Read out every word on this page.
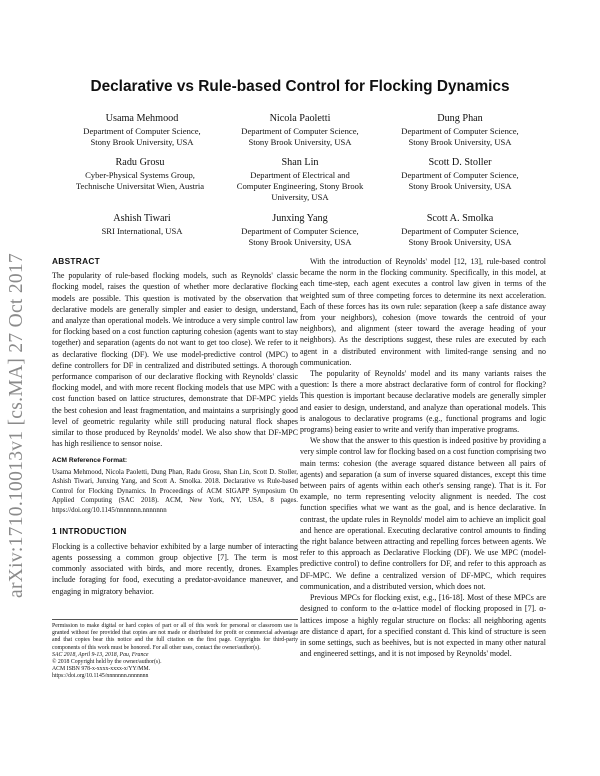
arXiv:1710.10013v1 [cs.MA] 27 Oct 2017
Declarative vs Rule-based Control for Flocking Dynamics
Usama Mehmood
Department of Computer Science,
Stony Brook University, USA
Nicola Paoletti
Department of Computer Science,
Stony Brook University, USA
Dung Phan
Department of Computer Science,
Stony Brook University, USA
Radu Grosu
Cyber-Physical Systems Group,
Technische Universitat Wien, Austria
Shan Lin
Department of Electrical and
Computer Engineering, Stony Brook
University, USA
Scott D. Stoller
Department of Computer Science,
Stony Brook University, USA
Ashish Tiwari
SRI International, USA
Junxing Yang
Department of Computer Science,
Stony Brook University, USA
Scott A. Smolka
Department of Computer Science,
Stony Brook University, USA
ABSTRACT

The popularity of rule-based flocking models, such as Reynolds' classic flocking model, raises the question of whether more declarative flocking models are possible. This question is motivated by the observation that declarative models are generally simpler and easier to design, understand, and analyze than operational models. We introduce a very simple control law for flocking based on a cost function capturing cohesion (agents want to stay together) and separation (agents do not want to get too close). We refer to it as declarative flocking (DF). We use model-predictive control (MPC) to define controllers for DF in centralized and distributed settings. A thorough performance comparison of our declarative flocking with Reynolds' classic flocking model, and with more recent flocking models that use MPC with a cost function based on lattice structures, demonstrate that DF-MPC yields the best cohesion and least fragmentation, and maintains a surprisingly good level of geometric regularity while still producing natural flock shapes similar to those produced by Reynolds' model. We also show that DF-MPC has high resilience to sensor noise.

ACM Reference Format:

Usama Mehmood, Nicola Paoletti, Dung Phan, Radu Grosu, Shan Lin, Scott D. Stoller, Ashish Tiwari, Junxing Yang, and Scott A. Smolka. 2018. Declarative vs Rule-based Control for Flocking Dynamics. In Proceedings of ACM SIGAPP Symposium On Applied Computing (SAC 2018). ACM, New York, NY, USA, 8 pages. https://doi.org/10.1145/nnnnnnn.nnnnnnn

1 INTRODUCTION

Flocking is a collective behavior exhibited by a large number of interacting agents possessing a common group objective [7]. The term is most commonly associated with birds, and more recently, drones. Examples include foraging for food, executing a predator-avoidance maneuver, and engaging in migratory behavior.

Permission to make digital or hard copies of part or all of this work for personal or classroom use is granted without fee provided that copies are not made or distributed for profit or commercial advantage and that copies bear this notice and the full citation on the first page. Copyrights for third-party components of this work must be honored. For all other uses, contact the owner/author(s).

SAC 2018, April 9-13, 2018, Pau, France

© 2018 Copyright held by the owner/author(s).

ACM ISBN 978-x-xxxx-xxxx-x/YY/MM.

https://doi.org/10.1145/nnnnnnn.nnnnnnn

With the introduction of Reynolds' model [12, 13], rule-based control became the norm in the flocking community. Specifically, in this model, at each time-step, each agent executes a control law given in terms of the weighted sum of three competing forces to determine its next acceleration. Each of these forces has its own rule: separation (keep a safe distance away from your neighbors), cohesion (move towards the centroid of your neighbors), and alignment (steer toward the average heading of your neighbors). As the descriptions suggest, these rules are executed by each agent in a distributed environment with limited-range sensing and no communication.

The popularity of Reynolds' model and its many variants raises the question: Is there a more abstract declarative form of control for flocking? This question is important because declarative models are generally simpler and easier to design, understand, and analyze than operational models. This is analogous to declarative programs (e.g., functional programs and logic programs) being easier to write and verify than imperative programs.

We show that the answer to this question is indeed positive by providing a very simple control law for flocking based on a cost function comprising two main terms: cohesion (the average squared distance between all pairs of agents) and separation (a sum of inverse squared distances, except this time between pairs of agents within each other's sensing range). That is it. For example, no term representing velocity alignment is needed. The cost function specifies what we want as the goal, and is hence declarative. In contrast, the update rules in Reynolds' model aim to achieve an implicit goal and hence are operational. Executing declarative control amounts to finding the right balance between attracting and repelling forces between agents. We refer to this approach as Declarative Flocking (DF). We use MPC (model-predictive control) to define controllers for DF, and refer to this approach as DF-MPC. We define a centralized version of DF-MPC, which requires communication, and a distributed version, which does not.

Previous MPCs for flocking exist, e.g., [16-18]. Most of these MPCs are designed to conform to the α-lattice model of flocking proposed in [7]. α-lattices impose a highly regular structure on flocks: all neighboring agents are distance d apart, for a specified constant d. This kind of structure is seen in some settings, such as beehives, but is not expected in many other natural and engineered settings, and it is not imposed by Reynolds' model.
